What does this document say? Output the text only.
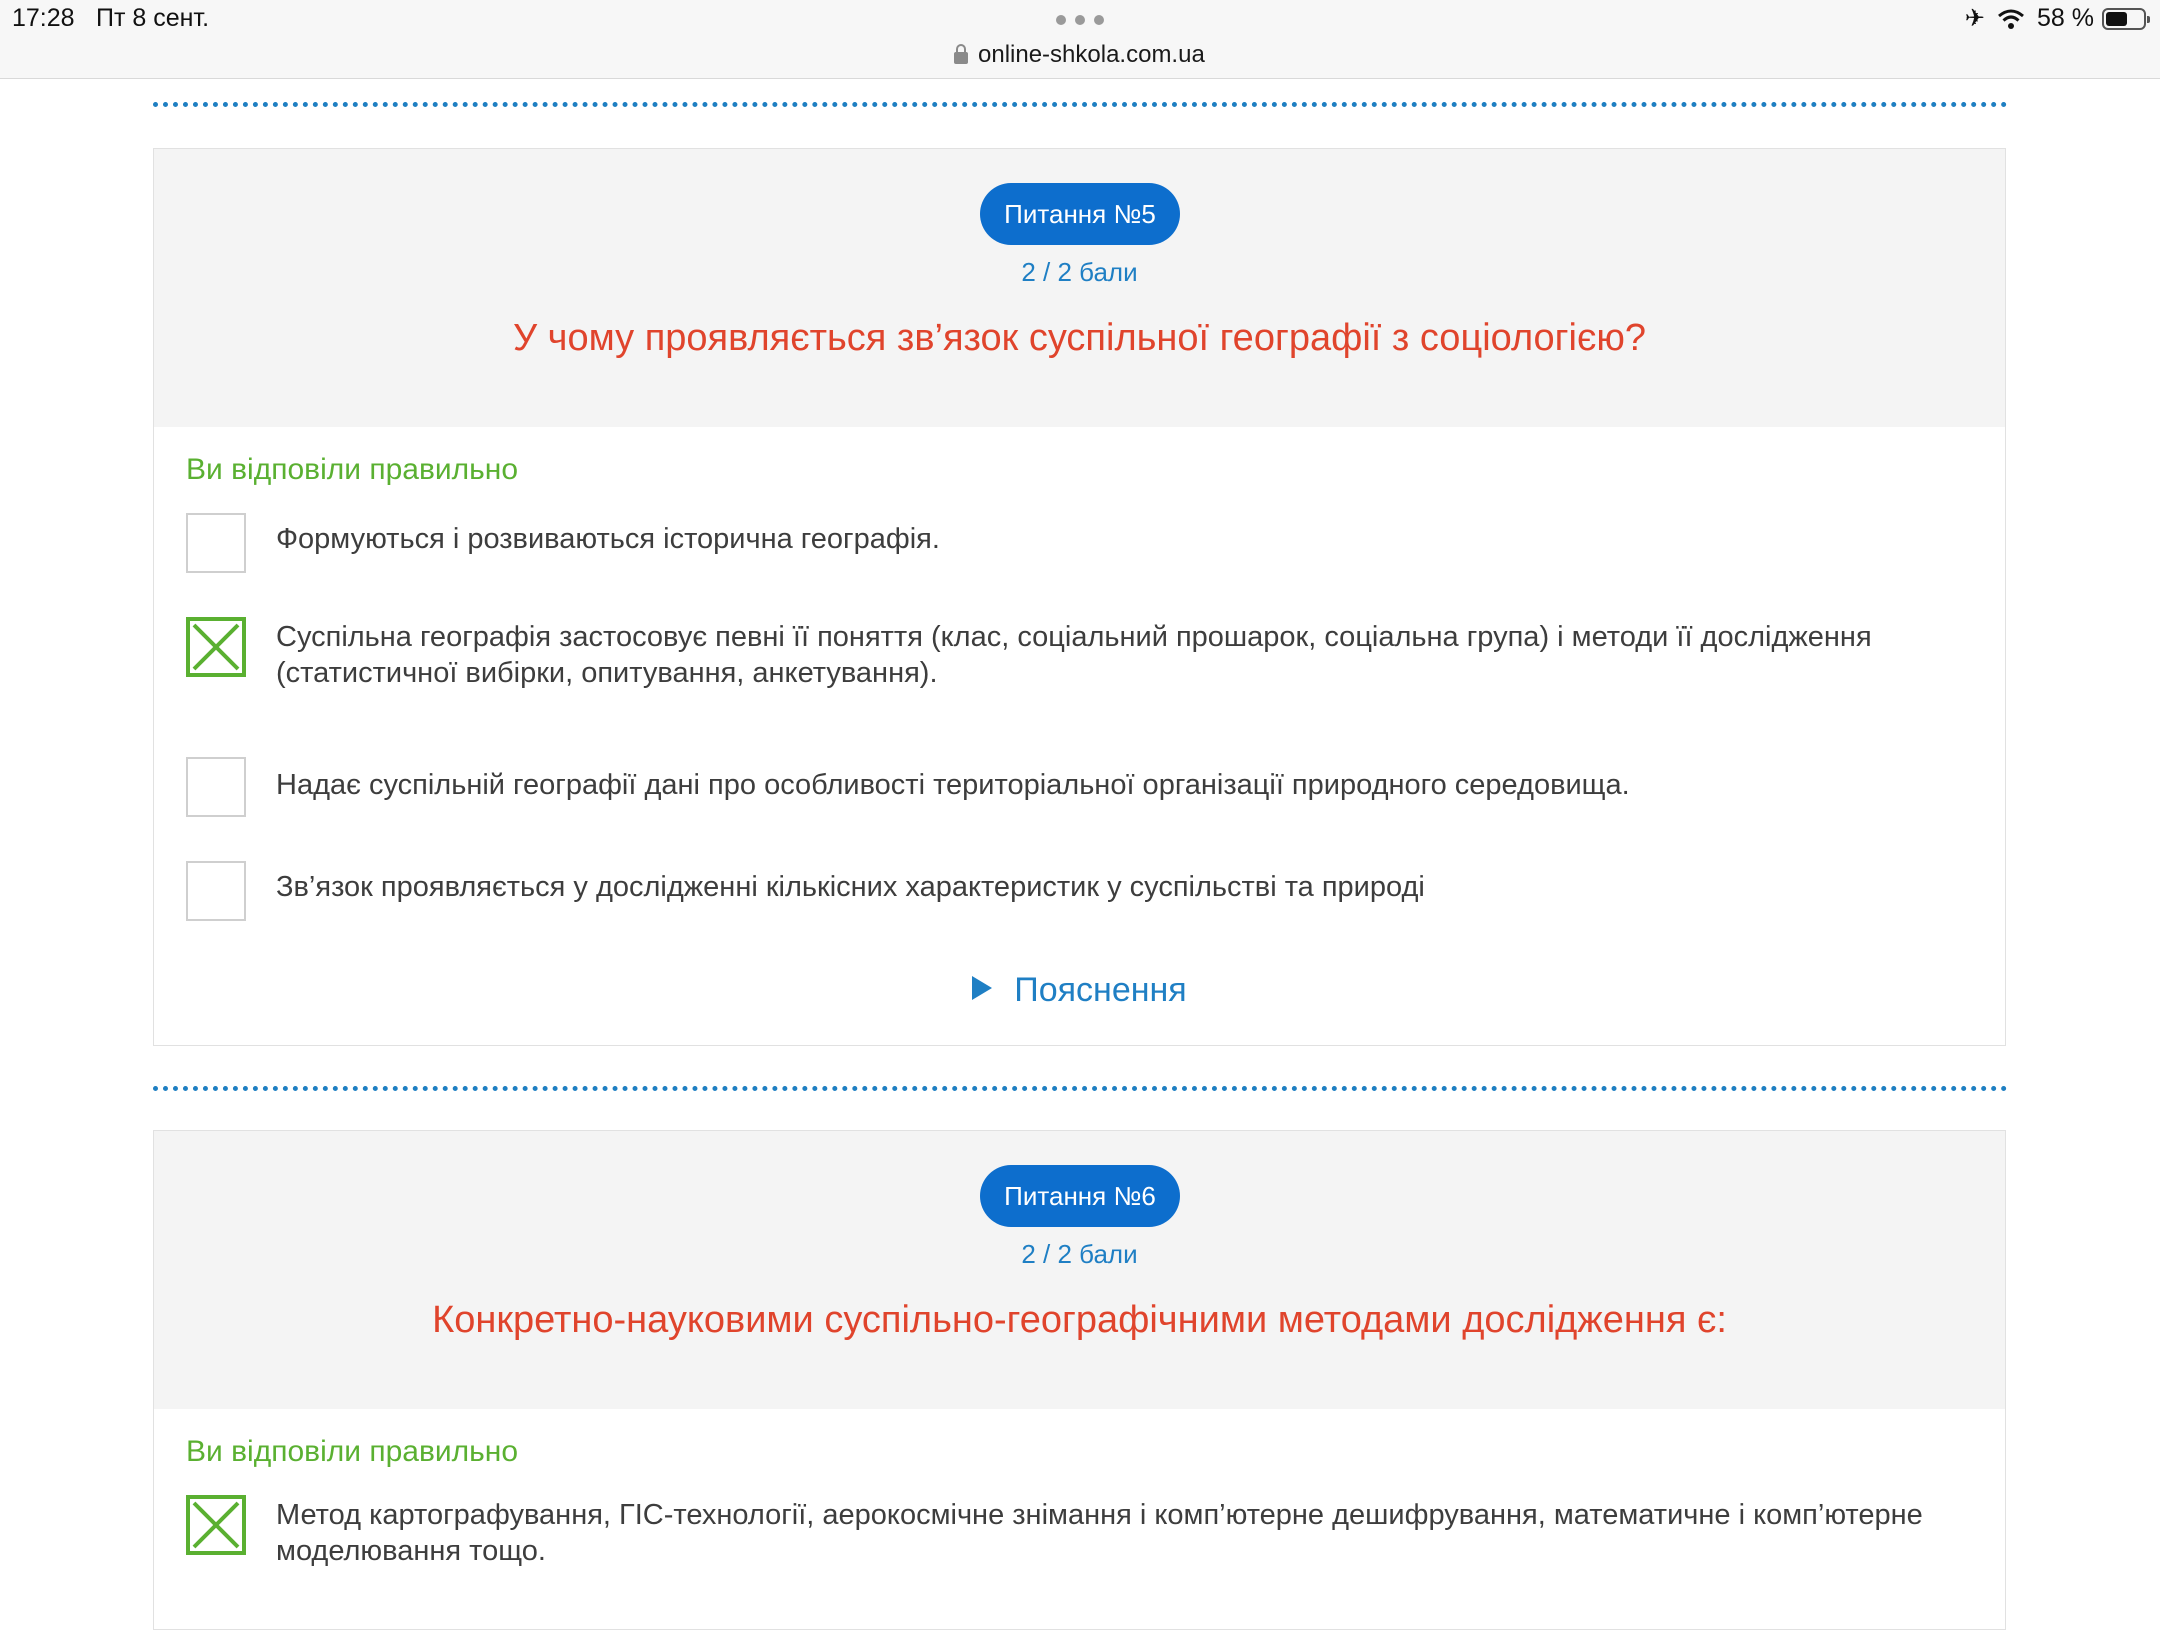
17:28 Пт 8 сент.
online-shkola.com.ua
✈ 58 %
Питання №5
2 / 2 бали
У чому проявляється зв’язок суспільної географії з соціологією?
Ви відповіли правильно
Формуються і розвиваються історична географія.
Суспільна географія застосовує певні її поняття (клас, соціальний прошарок, соціальна група) і методи її дослідження (статистичної вибірки, опитування, анкетування).
Надає суспільній географії дані про особливості територіальної організації природного середовища.
Зв’язок проявляється у дослідженні кількісних характеристик у суспільстві та природі
Пояснення
Питання №6
2 / 2 бали
Конкретно-науковими суспільно-географічними методами дослідження є:
Ви відповіли правильно
Метод картографування, ГІС-технології, аерокосмічне знімання і комп’ютерне дешифрування, математичне і комп’ютерне моделювання тощо.
